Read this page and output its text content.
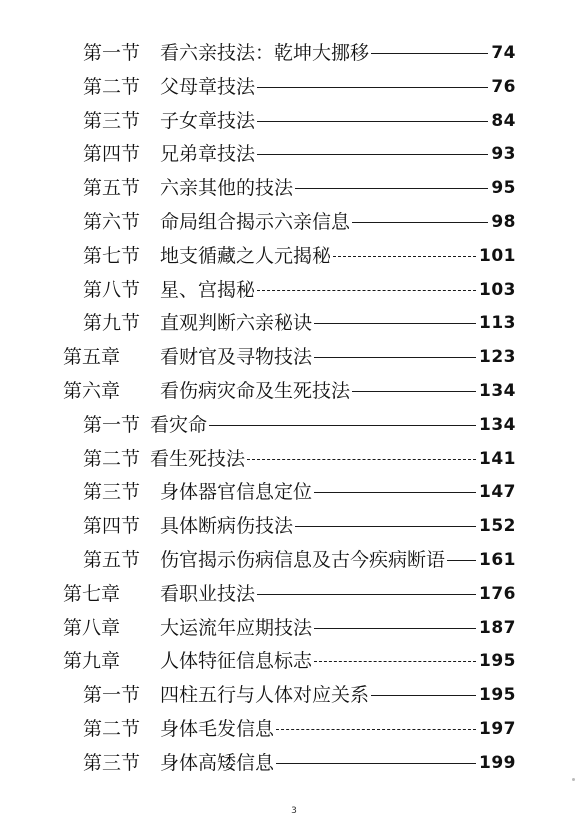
第一节 看六亲技法：乾坤大挪移	74
第二节 父母章技法	76
第三节 子女章技法	84
第四节 兄弟章技法	93
第五节 六亲其他的技法	95
第六节 命局组合揭示六亲信息	98
第七节 地支循藏之人元揭秘	101
第八节 星、宫揭秘	103
第九节 直观判断六亲秘诀	113
第五章 看财官及寻物技法	123
第六章 看伤病灾命及生死技法	134
第一节 看灾命	134
第二节 看生死技法	141
第三节 身体器官信息定位	147
第四节 具体断病伤技法	152
第五节 伤官揭示伤病信息及古今疾病断语 161
第七章 看职业技法	176
第八章 大运流年应期技法	187
第九章 人体特征信息标志	195
第一节 四柱五行与人体对应关系	195
第二节 身体毛发信息	197
第三节 身体高矮信息	199
3
